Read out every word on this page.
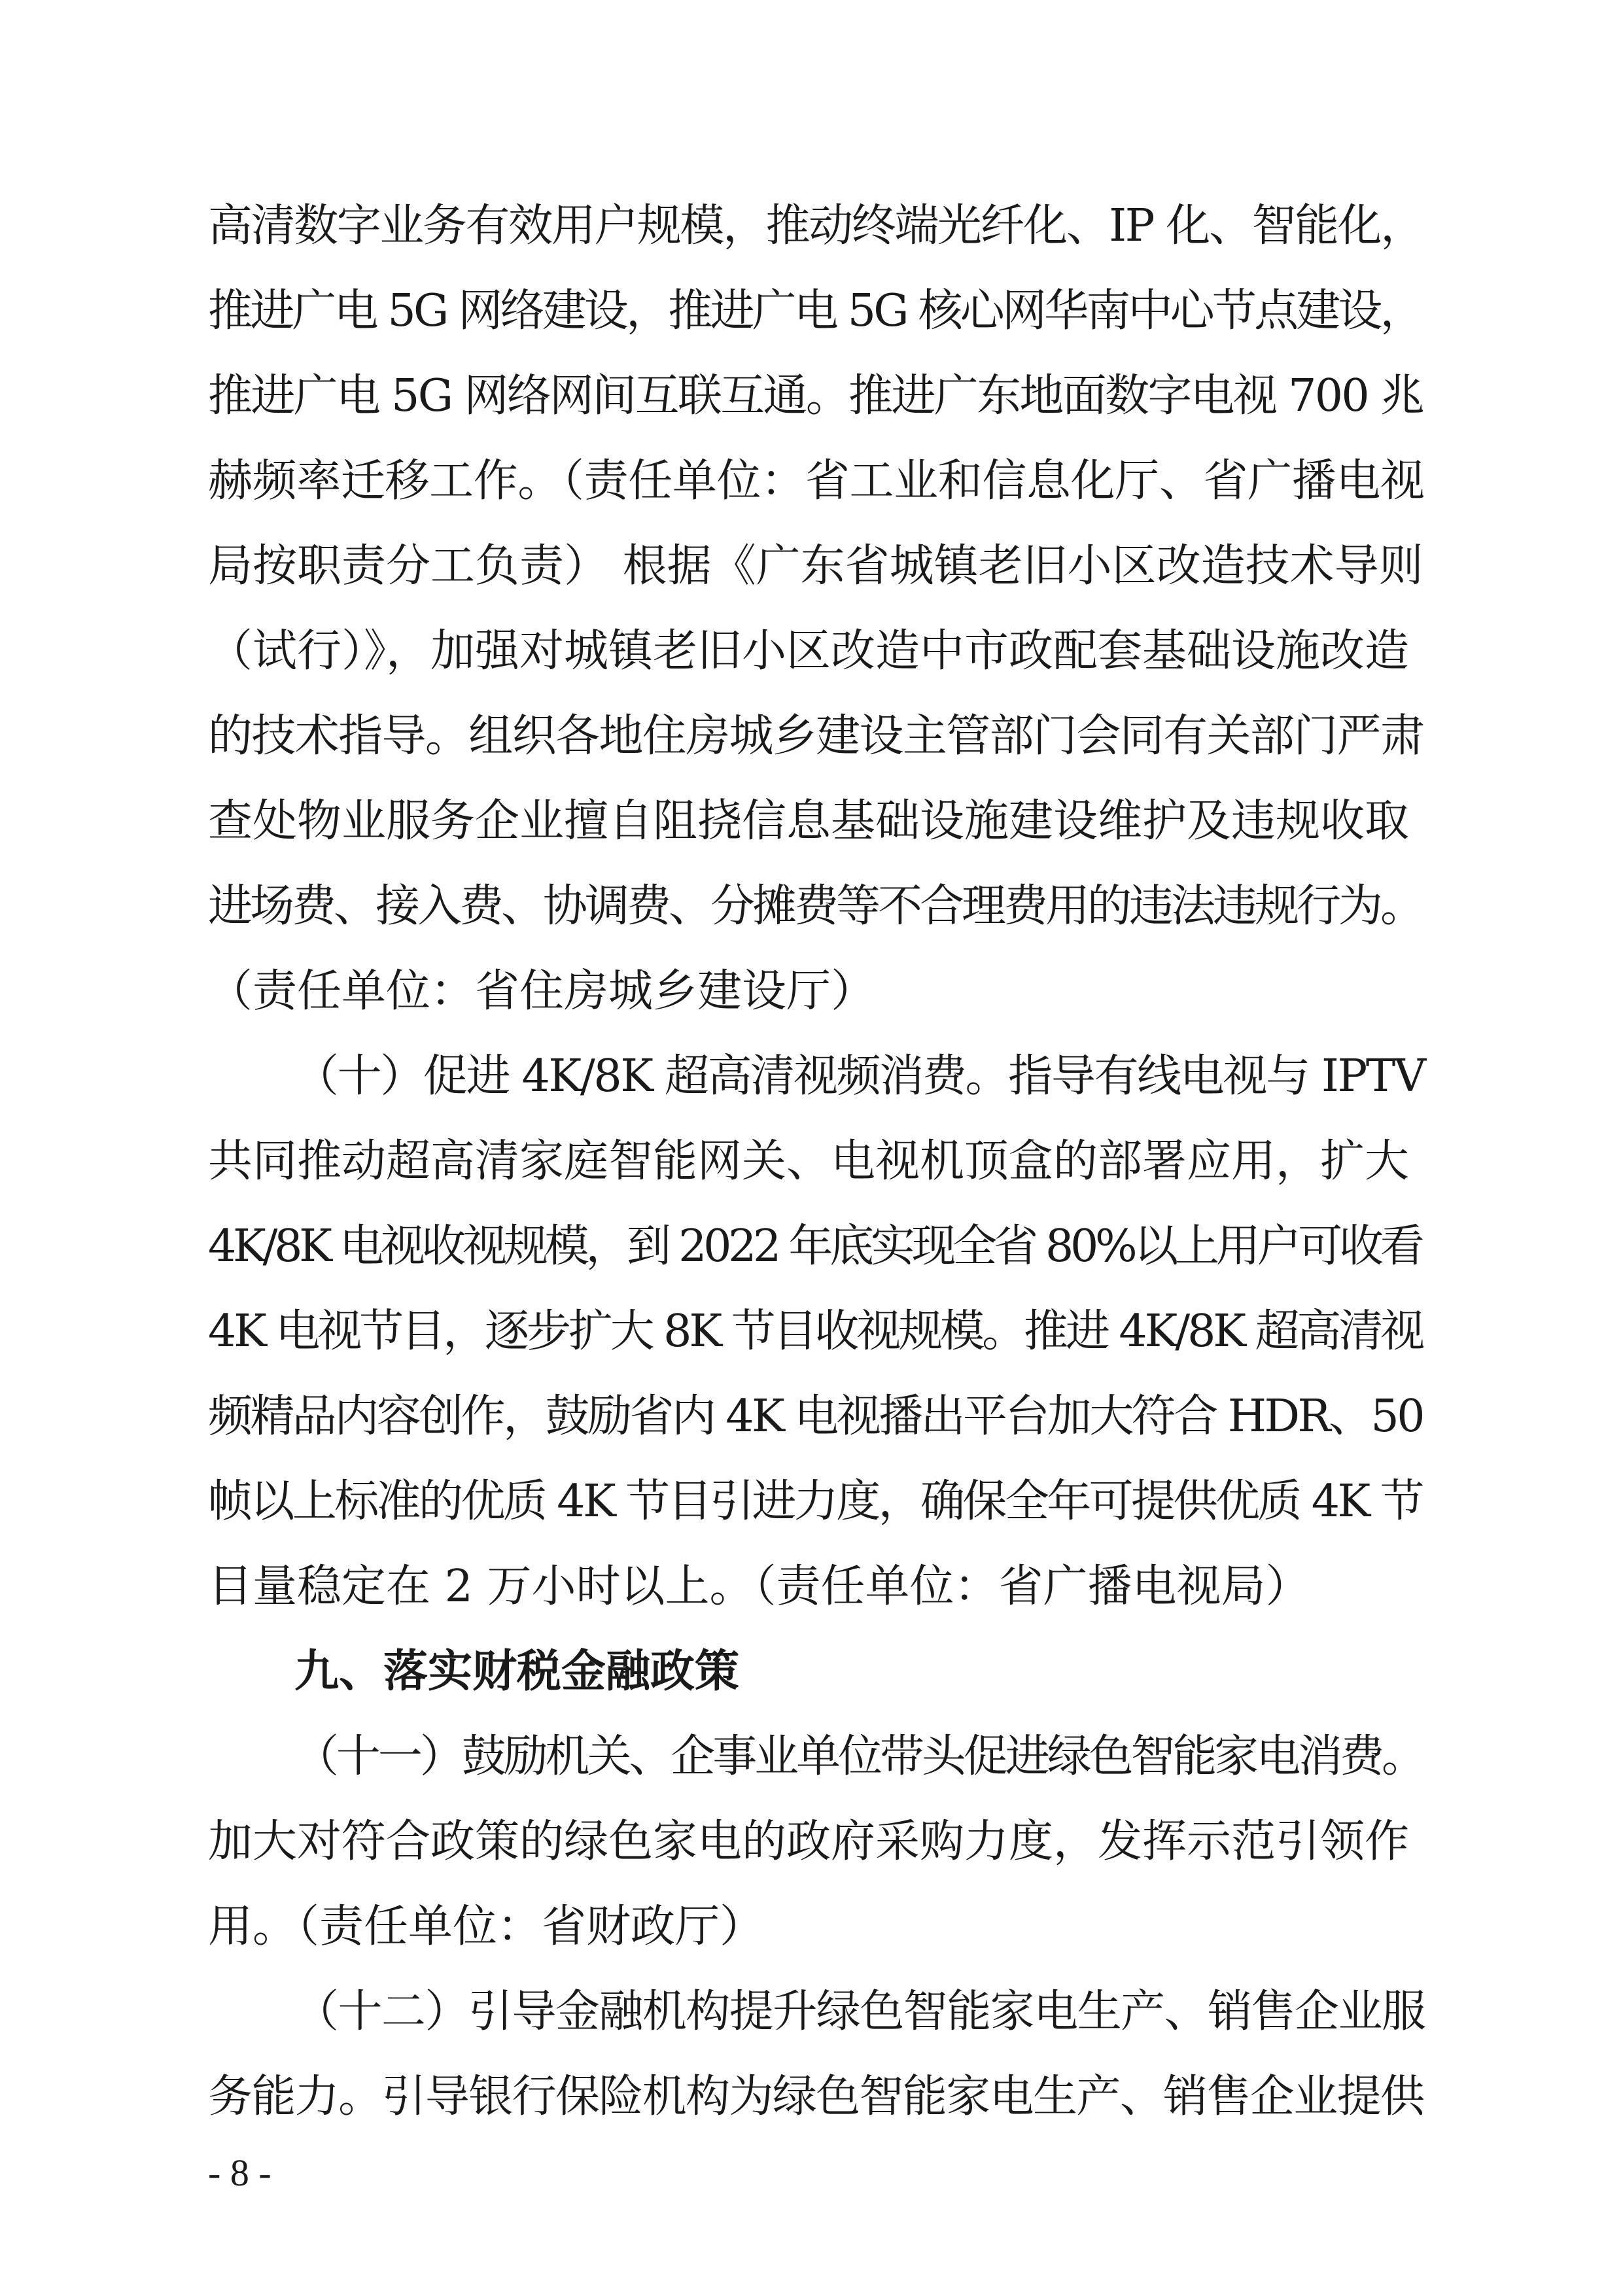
高清数字业务有效用户规模，推动终端光纤化、IP 化、智能化，
推进广电 5G 网络建设，推进广电 5G 核心网华南中心节点建设，
推进广电 5G 网络网间互联互通。推进广东地面数字电视 700 兆
赫频率迁移工作。（责任单位：省工业和信息化厅、省广播电视
局按职责分工负责） 根据《广东省城镇老旧小区改造技术导则
（试行）》，加强对城镇老旧小区改造中市政配套基础设施改造
的技术指导。组织各地住房城乡建设主管部门会同有关部门严肃
查处物业服务企业擅自阻挠信息基础设施建设维护及违规收取
进场费、接入费、协调费、分摊费等不合理费用的违法违规行为。
（责任单位：省住房城乡建设厅）
（十）促进 4K/8K 超高清视频消费。指导有线电视与 IPTV
共同推动超高清家庭智能网关、电视机顶盒的部署应用，扩大
4K/8K 电视收视规模，到 2022 年底实现全省 80%以上用户可收看
4K 电视节目，逐步扩大 8K 节目收视规模。推进 4K/8K 超高清视
频精品内容创作，鼓励省内 4K 电视播出平台加大符合 HDR、50
帧以上标准的优质 4K 节目引进力度，确保全年可提供优质 4K 节
目量稳定在 2 万小时以上。（责任单位：省广播电视局）
九、落实财税金融政策
（十一）鼓励机关、企事业单位带头促进绿色智能家电消费。
加大对符合政策的绿色家电的政府采购力度，发挥示范引领作
用。（责任单位：省财政厅）
（十二）引导金融机构提升绿色智能家电生产、销售企业服
务能力。引导银行保险机构为绿色智能家电生产、销售企业提供
- 8 -
